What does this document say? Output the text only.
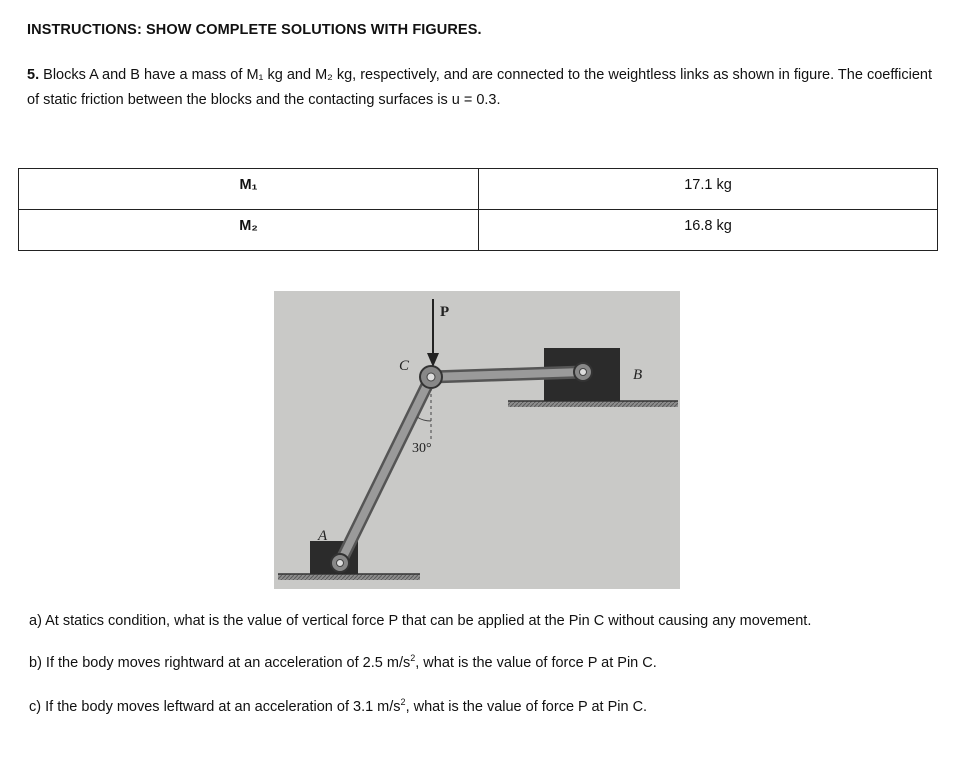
INSTRUCTIONS: SHOW COMPLETE SOLUTIONS WITH FIGURES.
5. Blocks A and B have a mass of M₁ kg and M₂ kg, respectively, and are connected to the weightless links as shown in figure. The coefficient of static friction between the blocks and the contacting surfaces is u = 0.3.
M₁	17.1 kg
M₂	16.8 kg
P
C
B
A
30°
a) At statics condition, what is the value of vertical force P that can be applied at the Pin C without causing any movement.
b) If the body moves rightward at an acceleration of 2.5 $m/s^2$, what is the value of force P at Pin C.
c) If the body moves leftward at an acceleration of 3.1 $m/s^2$, what is the value of force P at Pin C.
